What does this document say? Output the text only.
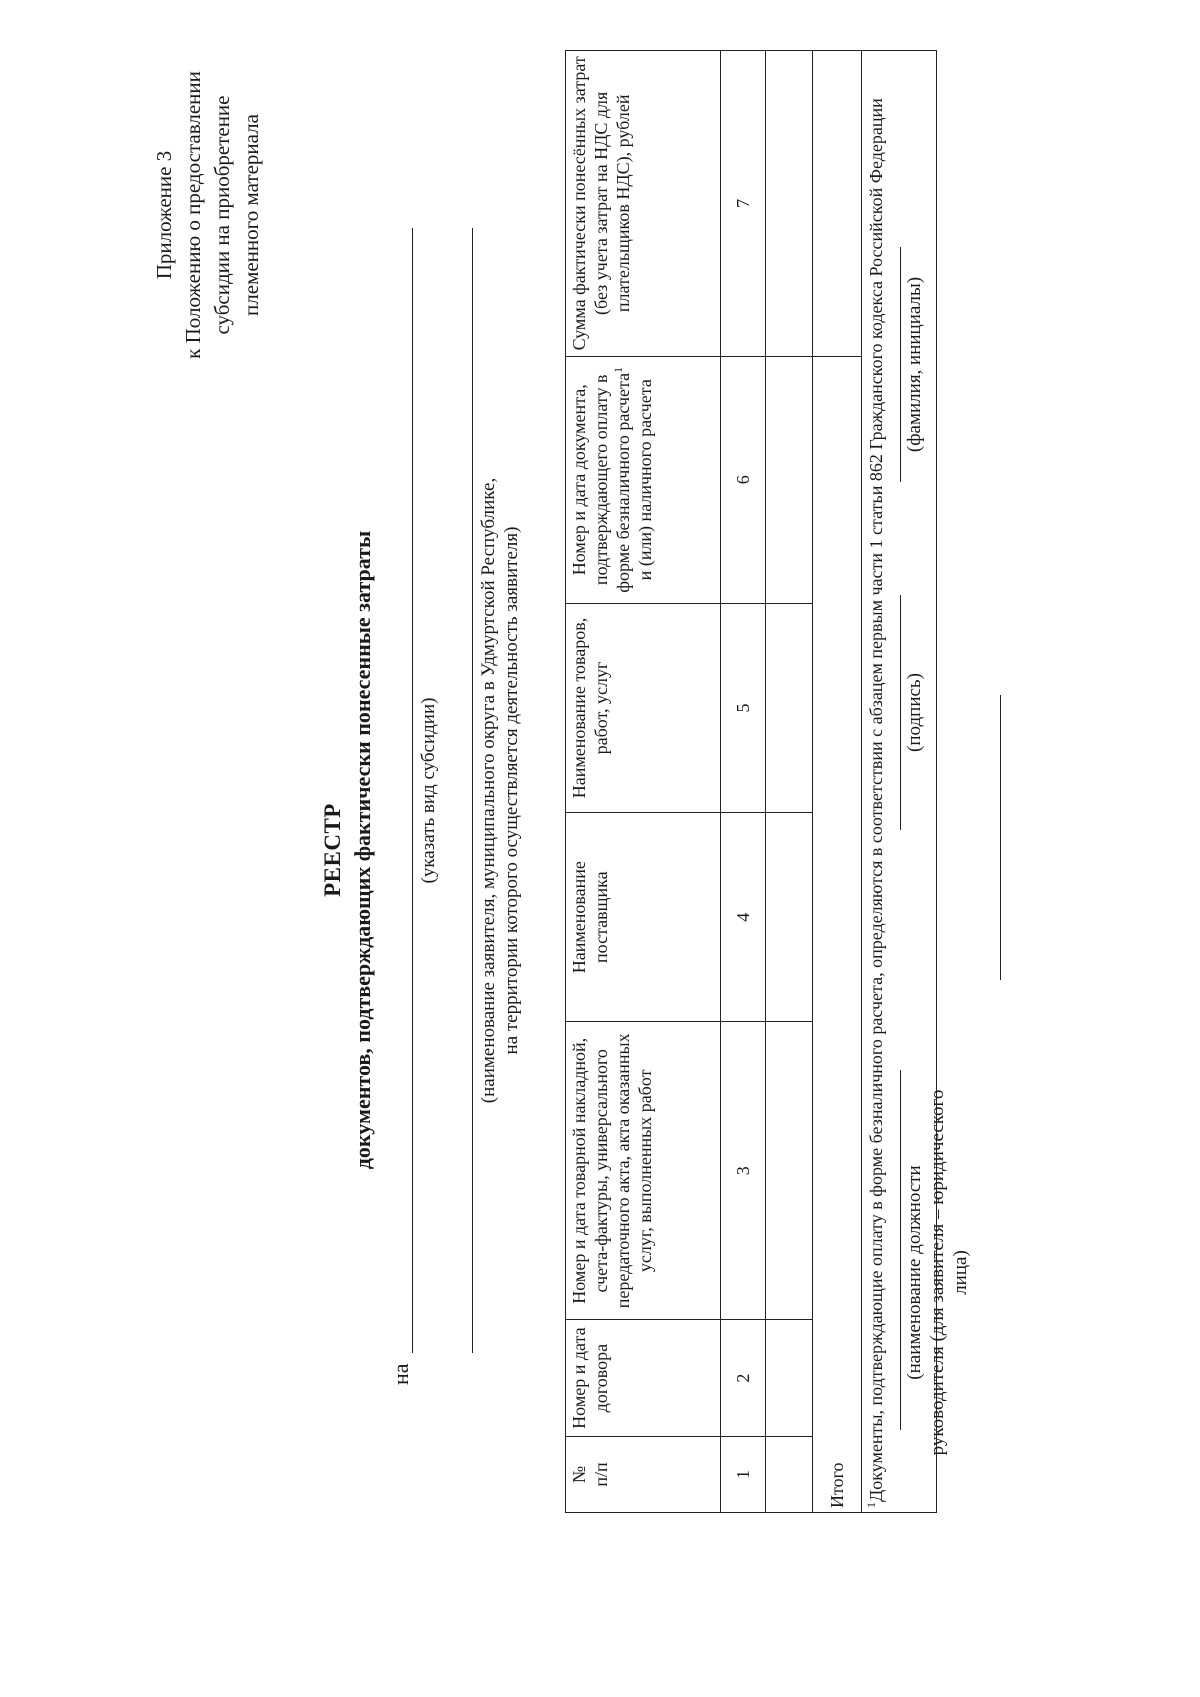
Приложение 3 к Положению о предоставлении субсидии на приобретение племенного материала
РЕЕСТР документов, подтверждающих фактически понесенные затраты
на
(указать вид субсидии) (наименование заявителя, муниципального округа в Удмуртской Республике, на территории которого осуществляется деятельность заявителя)
№ п/п	Номер и дата договора	Номер и дата товарной накладной, счета-фактуры, универсального передаточного акта, акта оказанных услуг, выполненных работ	Наименование поставщика	Наименование товаров, работ, услуг	Номер и дата документа, подтверждающего оплату в форме безналичного расчета$^1$ и (или) наличного расчета	Сумма фактически понесённых затрат (без учета затрат на НДС для плательщиков НДС), рублей
1	2	3	4	5	6	7

Итого						
$^1$Документы, подтверждающие оплату в форме безналичного расчета, определяются в соответствии с абзацем первым части 1 статьи 862 Гражданского кодекса Российской Федерации						(наименование должности руководителя (для заявителя – юридического лица)
(подпись)
(фамилия, инициалы)
